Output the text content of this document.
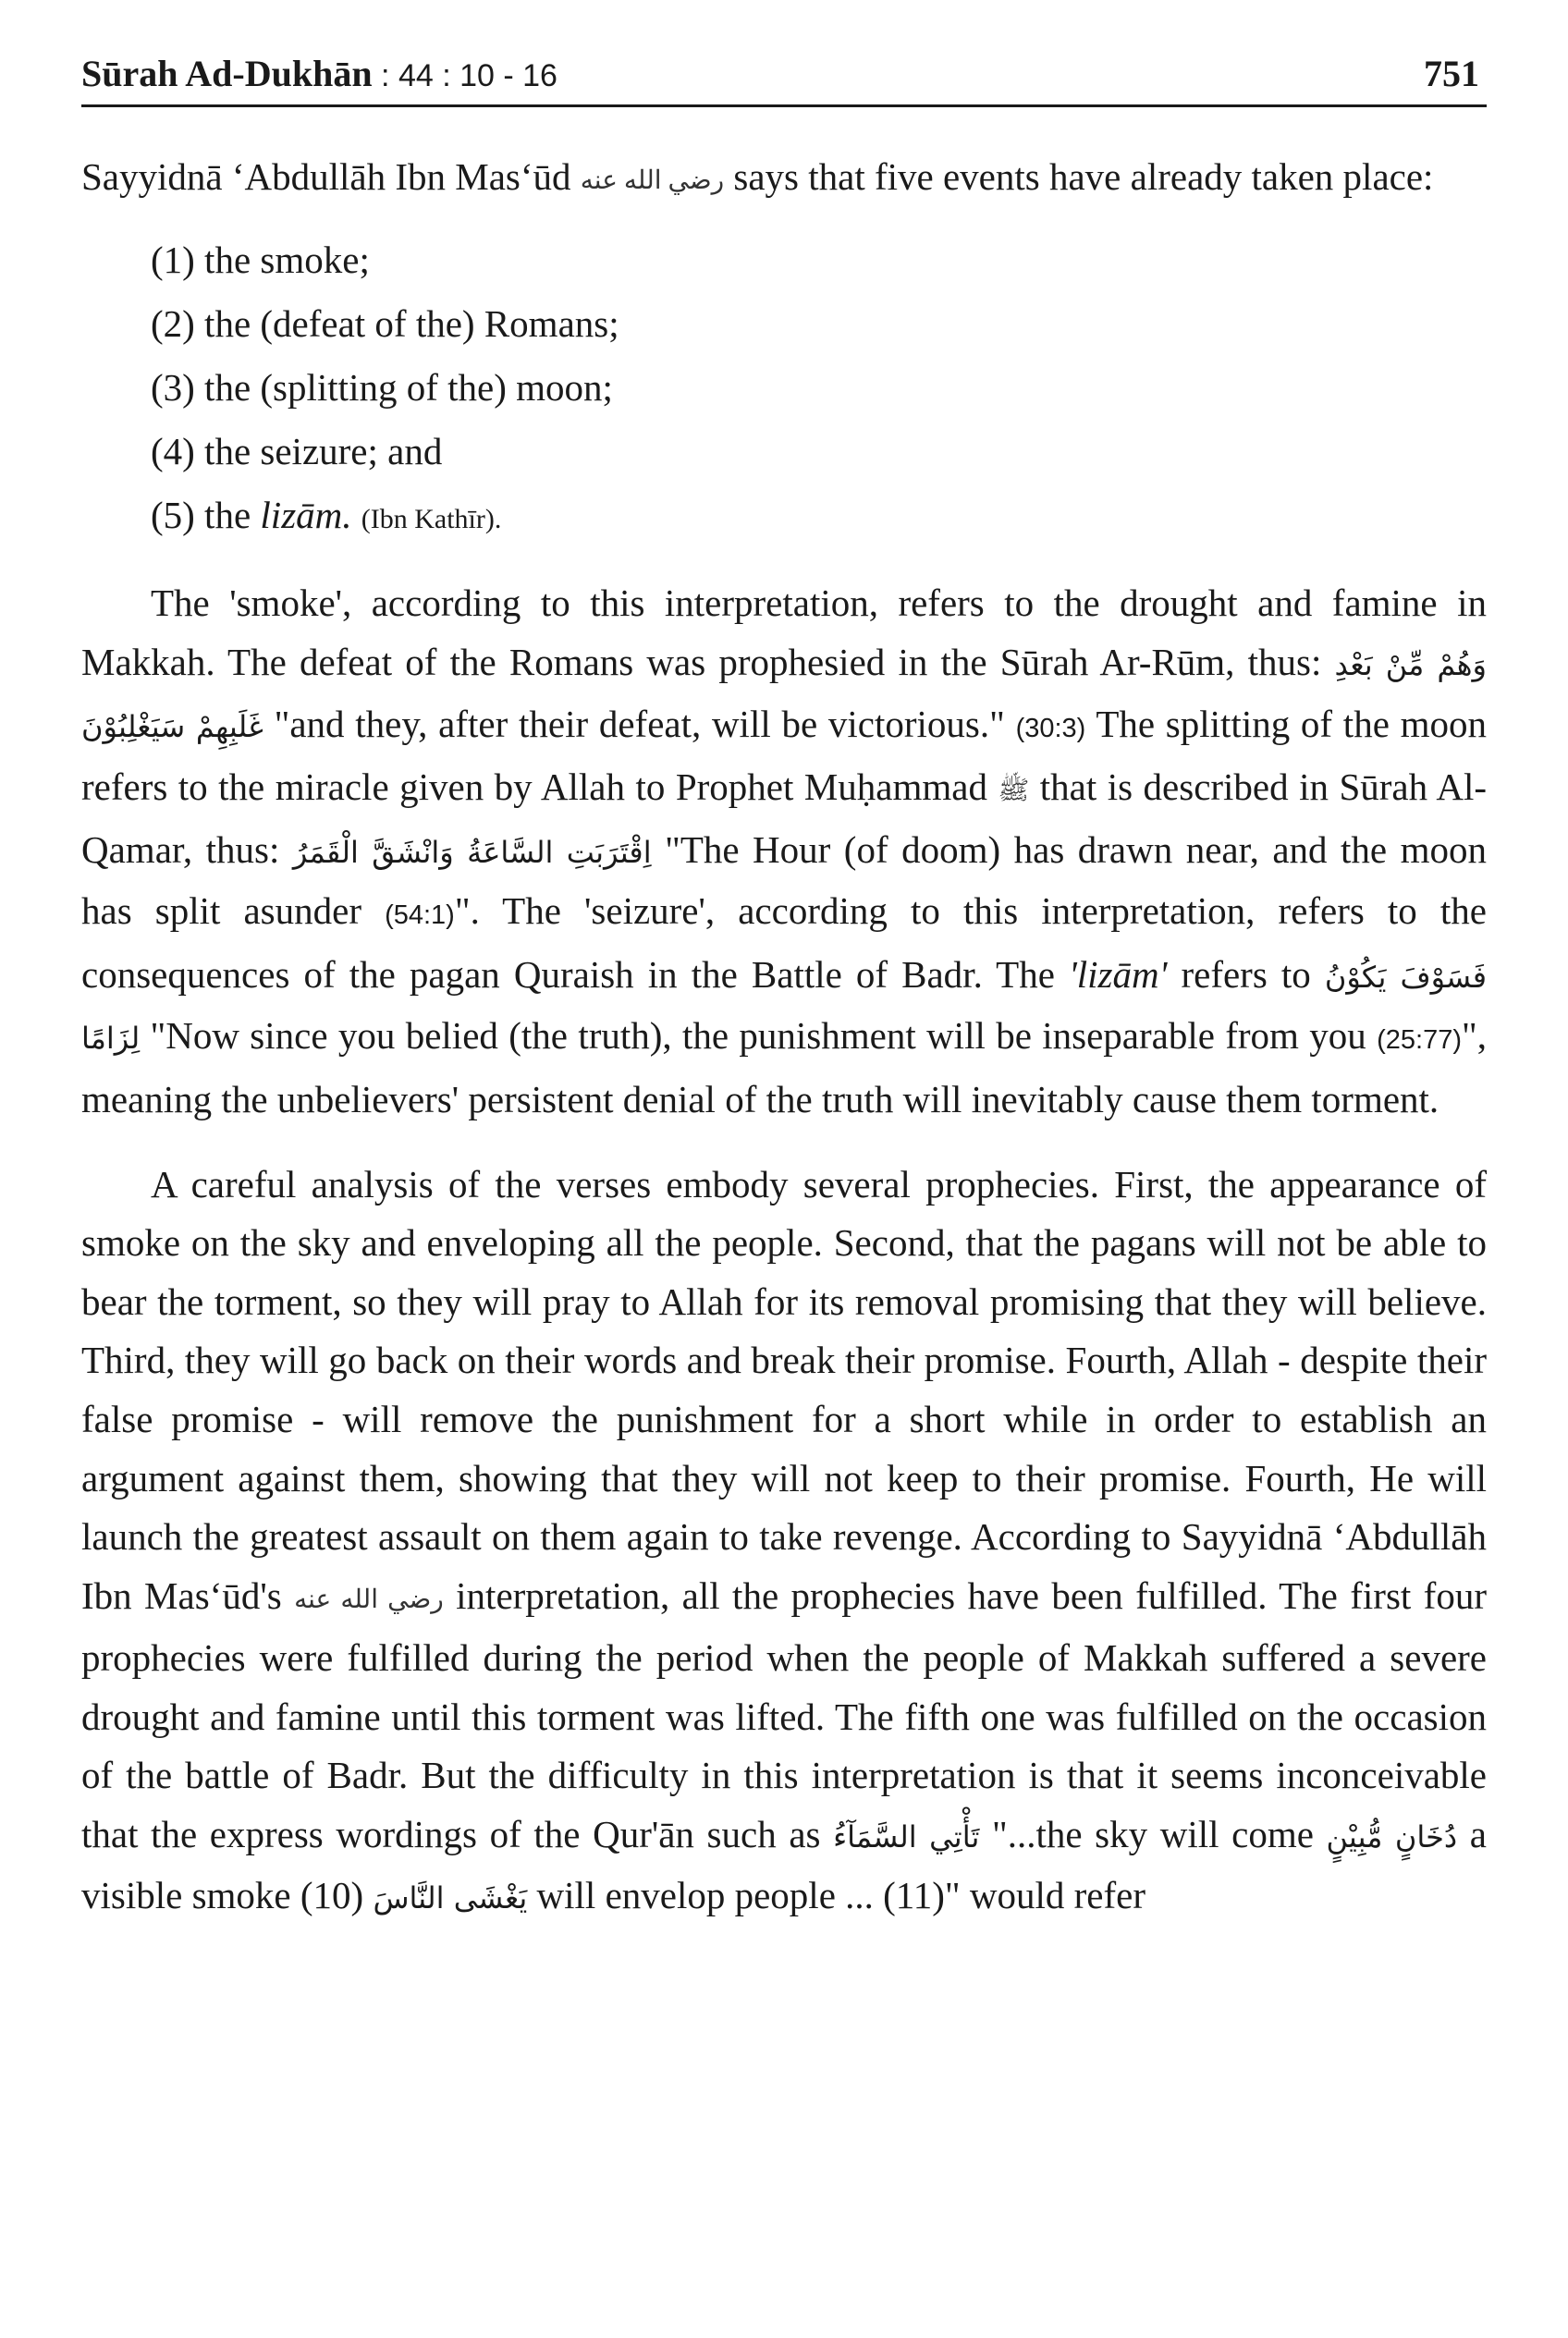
Sūrah Ad-Dukhān : 44 : 10 - 16	751

Sayyidnā ‘Abdullāh Ibn Mas‘ūd رضي الله عنه says that five events have already taken place:

(1) the smoke;
(2) the (defeat of the) Romans;
(3) the (splitting of the) moon;
(4) the seizure; and
(5) the lizām. (Ibn Kathīr).

The 'smoke', according to this interpretation, refers to the drought and famine in Makkah. The defeat of the Romans was prophesied in the Sūrah Ar-Rūm, thus: وَهُمْ مِّنْ بَعْدِ غَلَبِهِمْ سَيَغْلِبُوْنَ "and they, after their defeat, will be victorious." (30:3) The splitting of the moon refers to the miracle given by Allah to Prophet Muḥammad ﷺ that is described in Sūrah Al-Qamar, thus: اِقْتَرَبَتِ السَّاعَةُ وَانْشَقَّ الْقَمَرُ "The Hour (of doom) has drawn near, and the moon has split asunder (54:1)". The 'seizure', according to this interpretation, refers to the consequences of the pagan Quraish in the Battle of Badr. The 'lizām' refers to فَسَوْفَ يَكُوْنُ لِزَامًا "Now since you belied (the truth), the punishment will be inseparable from you (25:77)", meaning the unbelievers' persistent denial of the truth will inevitably cause them torment.

A careful analysis of the verses embody several prophecies. First, the appearance of smoke on the sky and enveloping all the people. Second, that the pagans will not be able to bear the torment, so they will pray to Allah for its removal promising that they will believe. Third, they will go back on their words and break their promise. Fourth, Allah - despite their false promise - will remove the punishment for a short while in order to establish an argument against them, showing that they will not keep to their promise. Fourth, He will launch the greatest assault on them again to take revenge. According to Sayyidnā ‘Abdullāh Ibn Mas‘ūd's رضي الله عنه interpretation, all the prophecies have been fulfilled. The first four prophecies were fulfilled during the period when the people of Makkah suffered a severe drought and famine until this torment was lifted. The fifth one was fulfilled on the occasion of the battle of Badr. But the difficulty in this interpretation is that it seems inconceivable that the express wordings of the Qur'ān such as تَأْتِي السَّمَآءُ "...the sky will come دُخَانٍ مُّبِيْنٍ a visible smoke (10) يَغْشَى النَّاسَ will envelop people ... (11)" would refer
